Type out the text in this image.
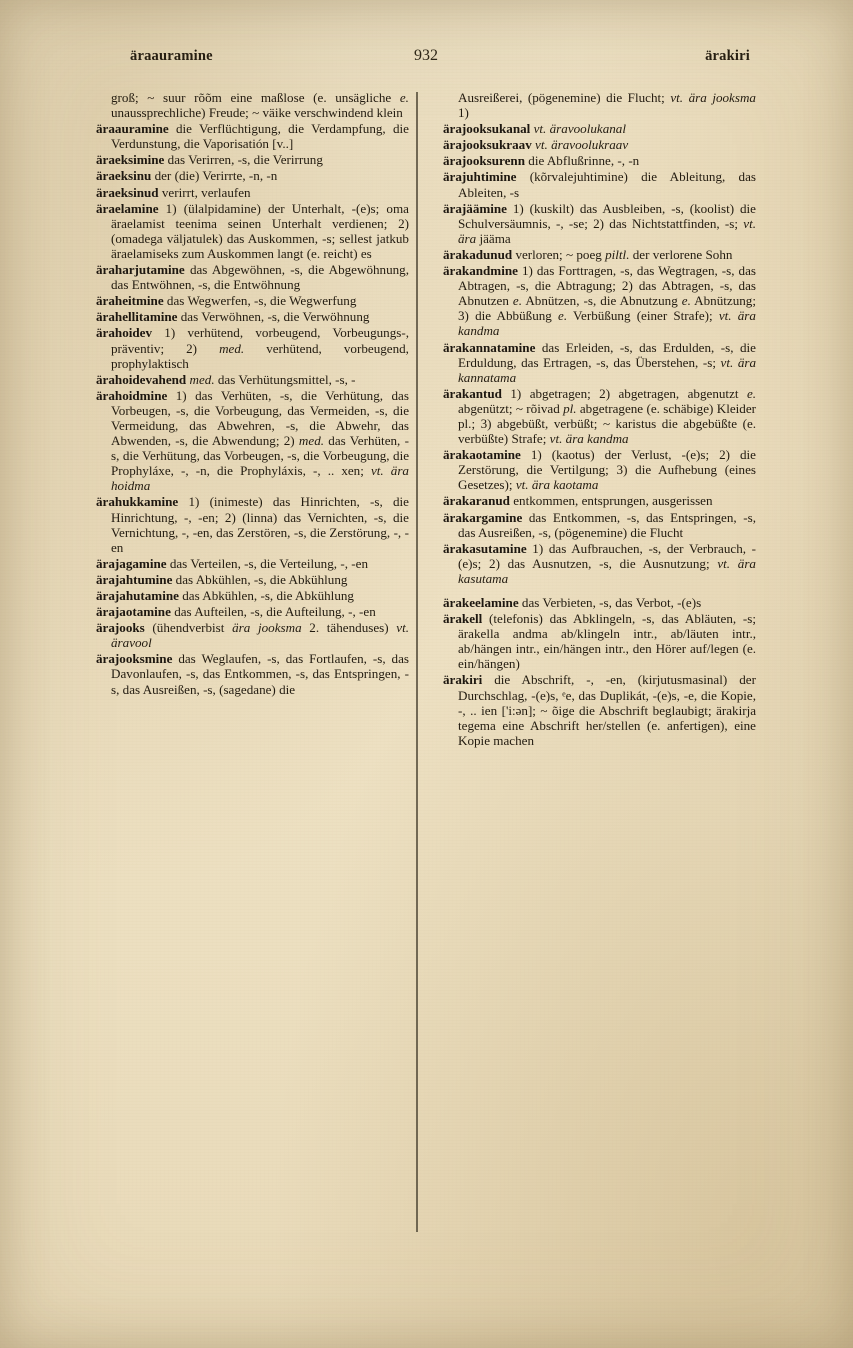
äraauramine	932	ärakiri

groß; ~ suur rõõm eine maßlose (e. unsägliche e. unaussprechliche) Freude; ~ väike verschwindend klein

äraauramine die Verflüchtigung, die Verdampfung, die Verdunstung, die Vaporisatión [v..]

äraeksimine das Verirren, -s, die Verirrung

äraeksinu der (die) Verirrte, -n, -n

äraeksinud verirrt, verlaufen

äraelamine 1) (ülalpidamine) der Unterhalt, -(e)s; oma äraelamist teenima seinen Unterhalt verdienen; 2) (omadega väljatulek) das Auskommen, -s; sellest jatkub äraelamiseks zum Auskommen langt (e. reicht) es

äraharjutamine das Abgewöhnen, -s, die Abgewöhnung, das Entwöhnen, -s, die Entwöhnung

äraheitmine das Wegwerfen, -s, die Wegwerfung

ärahellitamine das Verwöhnen, -s, die Verwöhnung

ärahoidev 1) verhütend, vorbeugend, Vorbeugungs-, präventiv; 2) med. verhütend, vorbeugend, prophylaktisch

ärahoidevahend med. das Verhütungsmittel, -s, -

ärahoidmine 1) das Verhüten, -s, die Verhütung, das Vorbeugen, -s, die Vorbeugung, das Vermeiden, -s, die Vermeidung, das Abwehren, -s, die Abwehr, das Abwenden, -s, die Abwendung; 2) med. das Verhüten, -s, die Verhütung, das Vorbeugen, -s, die Vorbeugung, die Prophyláxe, -, -n, die Prophyláxis, -, .. xen; vt. ära hoidma

ärahukkamine 1) (inimeste) das Hinrichten, -s, die Hinrichtung, -, -en; 2) (linna) das Vernichten, -s, die Vernichtung, -, -en, das Zerstören, -s, die Zerstörung, -, -en

ärajagamine das Verteilen, -s, die Verteilung, -, -en

ärajahtumine das Abkühlen, -s, die Abkühlung

ärajahutamine das Abkühlen, -s, die Abkühlung

ärajaotamine das Aufteilen, -s, die Aufteilung, -, -en

ärajooks (ühendverbist ära jooksma 2. tähenduses) vt. äravool

ärajooksmine das Weglaufen, -s, das Fortlaufen, -s, das Davonlaufen, -s, das Entkommen, -s, das Entspringen, -s, das Ausreißen, -s, (sagedane) die

Ausreißerei, (pögenemine) die Flucht; vt. ära jooksma 1)

ärajooksukanal vt. äravoolukanal

ärajooksukraav vt. äravoolukraav

ärajooksurenn die Abflußrinne, -, -n

ärajuhtimine (kõrvalejuhtimine) die Ableitung, das Ableiten, -s

ärajäämine 1) (kuskilt) das Ausbleiben, -s, (koolist) die Schulversäumnis, -, -se; 2) das Nichtstattfinden, -s; vt. ära jääma

ärakadunud verloren; ~ poeg piltl. der verlorene Sohn

ärakandmine 1) das Forttragen, -s, das Wegtragen, -s, das Abtragen, -s, die Abtragung; 2) das Abtragen, -s, das Abnutzen e. Abnützen, -s, die Abnutzung e. Abnützung; 3) die Abbüßung e. Verbüßung (einer Strafe); vt. ära kandma

ärakannatamine das Erleiden, -s, das Erdulden, -s, die Erduldung, das Ertragen, -s, das Überstehen, -s; vt. ära kannatama

ärakantud 1) abgetragen; 2) abgetragen, abgenutzt e. abgenützt; ~ rõivad pl. abgetragene (e. schäbige) Kleider pl.; 3) abgebüßt, verbüßt; ~ karistus die abgebüßte (e. verbüßte) Strafe; vt. ära kandma

ärakaotamine 1) (kaotus) der Verlust, -(e)s; 2) die Zerstörung, die Vertilgung; 3) die Aufhebung (eines Gesetzes); vt. ära kaotama

ärakaranud entkommen, entsprungen, ausgerissen

ärakargamine das Entkommen, -s, das Entspringen, -s, das Ausreißen, -s, (pögenemine) die Flucht

ärakasutamine 1) das Aufbrauchen, -s, der Verbrauch, -(e)s; 2) das Ausnutzen, -s, die Ausnutzung; vt. ära kasutama

ärakeelamine das Verbieten, -s, das Verbot, -(e)s

ärakell (telefonis) das Abklingeln, -s, das Abläuten, -s; ärakella andma ab/klingeln intr., ab/läuten intr., ab/hängen intr., ein/hängen intr., den Hörer auf/legen (e. ein/hängen)

ärakiri die Abschrift, -, -en, (kirjutusmasinal) der Durchschlag, -(e)s, ᵉe, das Duplikát, -(e)s, -e, die Kopie, -, .. ien ['i:ən]; ~ õige die Abschrift beglaubigt; ärakirja tegema eine Abschrift her/stellen (e. anfertigen), eine Kopie machen
